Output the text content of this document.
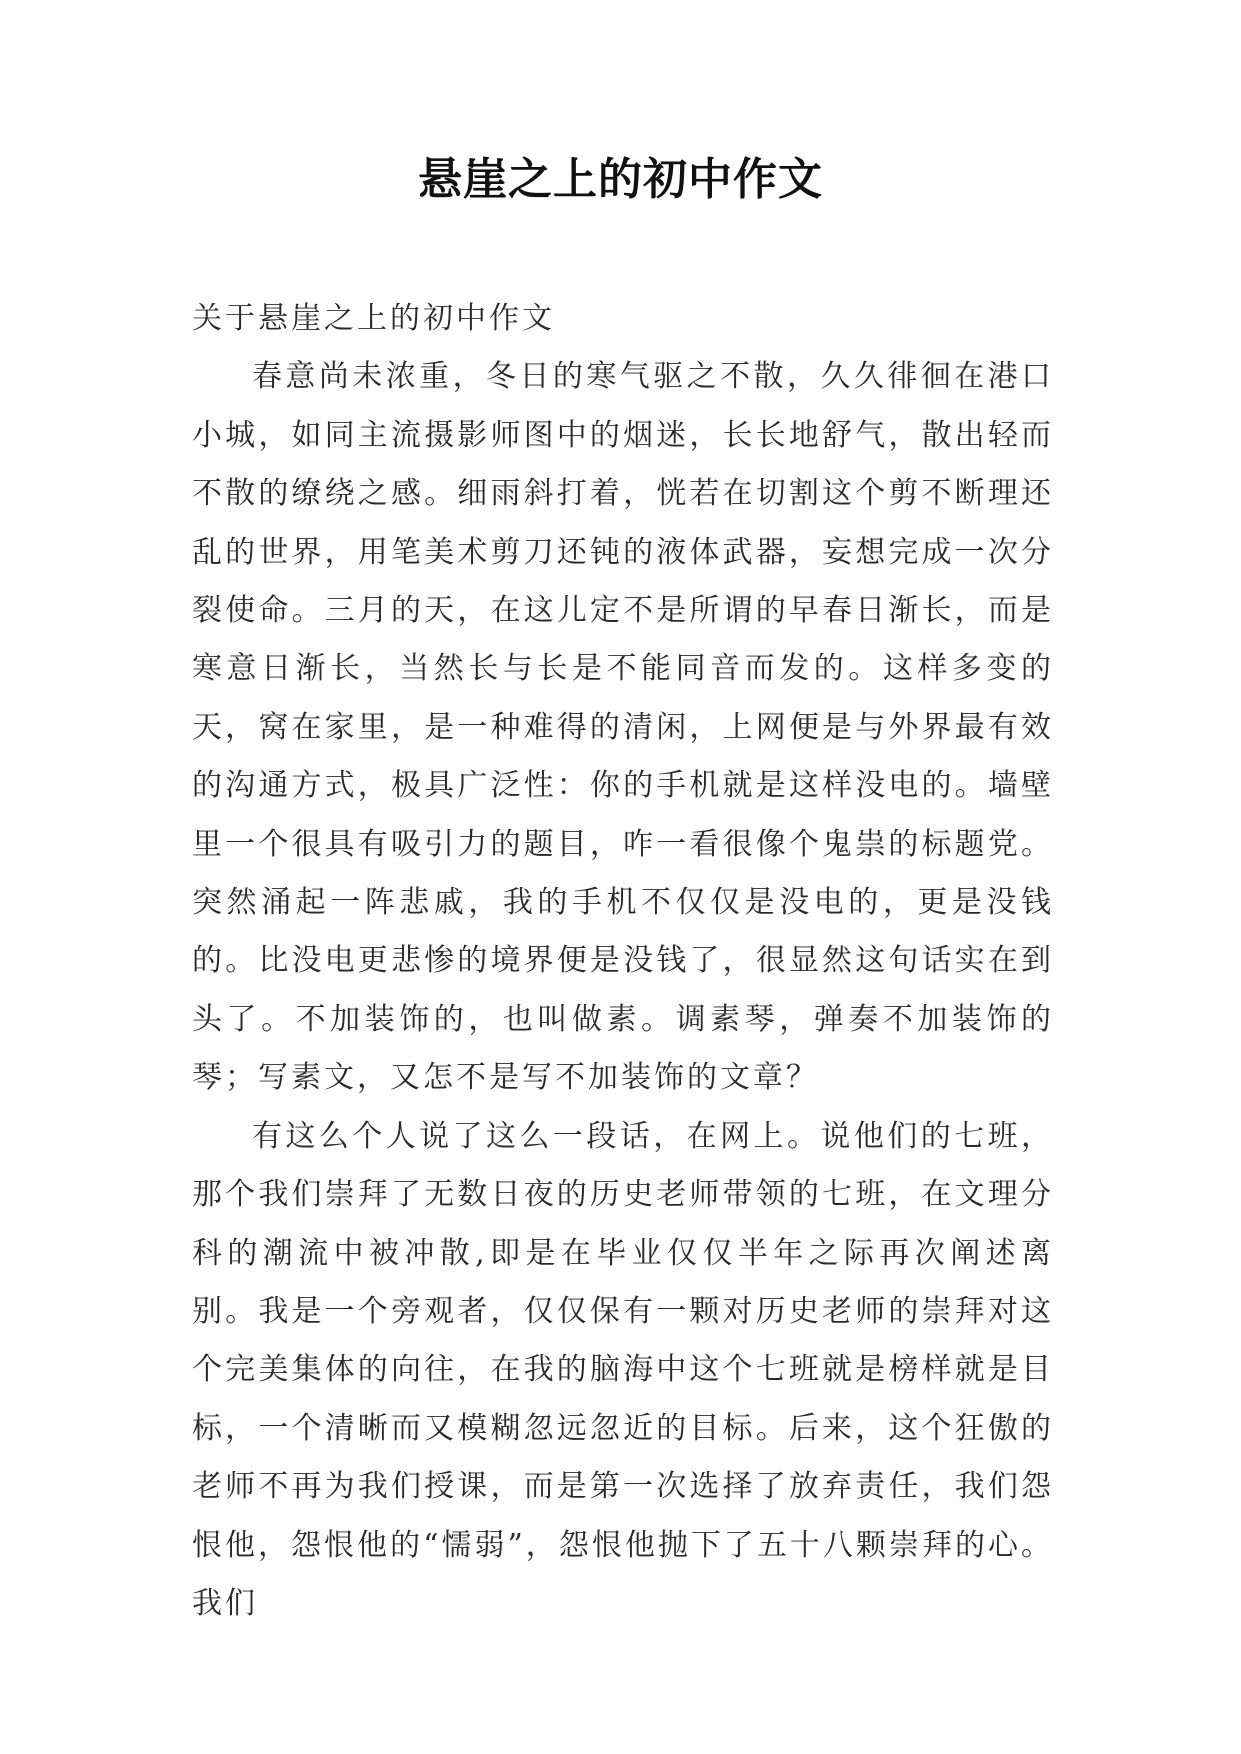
悬崖之上的初中作文

关于悬崖之上的初中作文

春意尚未浓重，冬日的寒气驱之不散，久久徘徊在港口小城，如同主流摄影师图中的烟迷，长长地舒气，散出轻而不散的缭绕之感。细雨斜打着，恍若在切割这个剪不断理还乱的世界，用笔美术剪刀还钝的液体武器，妄想完成一次分裂使命。三月的天，在这儿定不是所谓的早春日渐长，而是寒意日渐长，当然长与长是不能同音而发的。这样多变的天，窝在家里，是一种难得的清闲，上网便是与外界最有效的沟通方式，极具广泛性：你的手机就是这样没电的。墙壁里一个很具有吸引力的题目，咋一看很像个鬼祟的标题党。突然涌起一阵悲戚，我的手机不仅仅是没电的，更是没钱的。比没电更悲惨的境界便是没钱了，很显然这句话实在到头了。不加装饰的，也叫做素。调素琴，弹奏不加装饰的琴；写素文，又怎不是写不加装饰的文章？

有这么个人说了这么一段话，在网上。说他们的七班，那个我们崇拜了无数日夜的历史老师带领的七班，在文理分科的潮流中被冲散,即是在毕业仅仅半年之际再次阐述离别。我是一个旁观者，仅仅保有一颗对历史老师的崇拜对这个完美集体的向往，在我的脑海中这个七班就是榜样就是目标，一个清晰而又模糊忽远忽近的目标。后来，这个狂傲的老师不再为我们授课，而是第一次选择了放弃责任，我们怨恨他，怨恨他的“懦弱”，怨恨他抛下了五十八颗崇拜的心。我们
